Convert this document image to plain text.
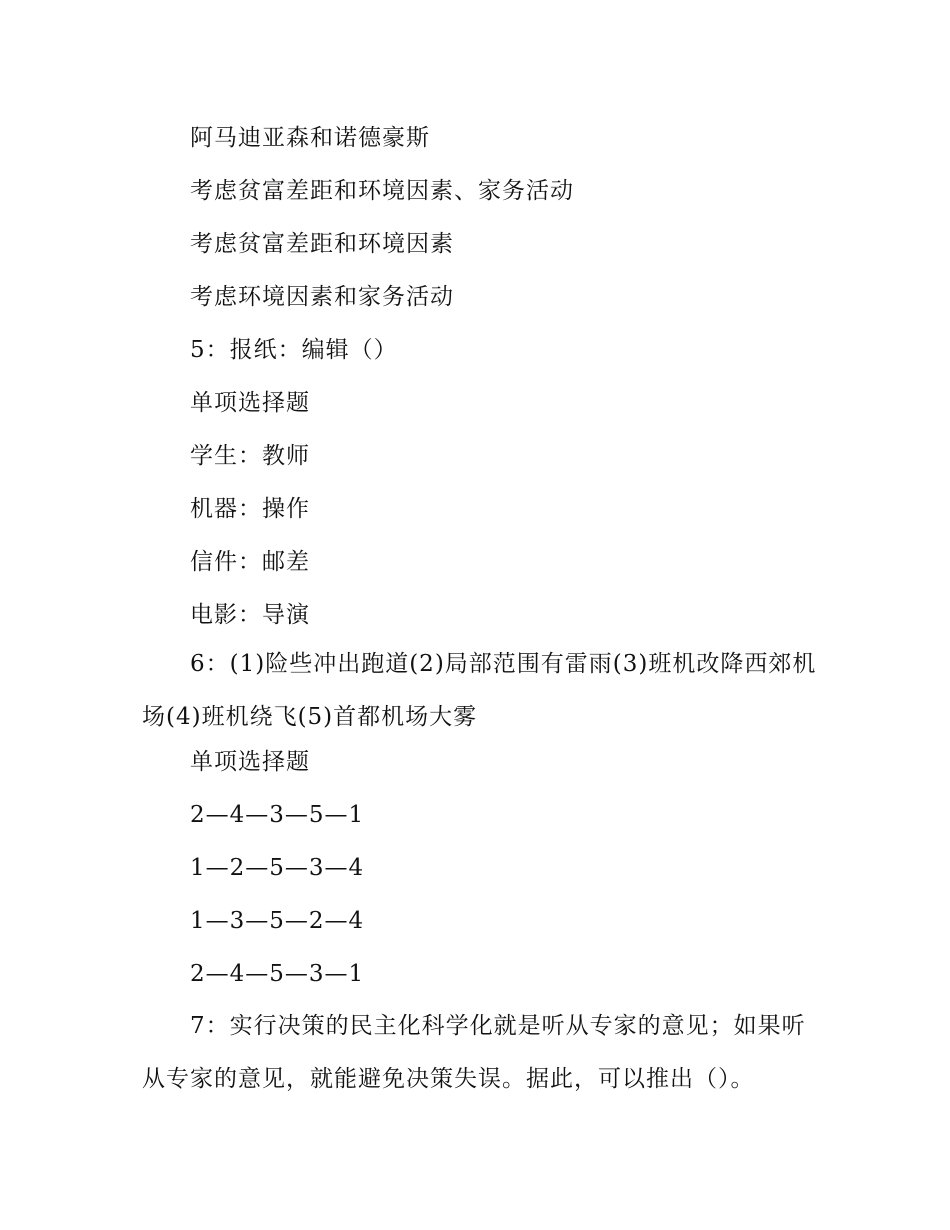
阿马迪亚森和诺德豪斯
考虑贫富差距和环境因素、家务活动
考虑贫富差距和环境因素
考虑环境因素和家务活动
5：报纸：编辑（）
单项选择题
学生：教师
机器：操作
信件：邮差
电影：导演
6：(1)险些冲出跑道(2)局部范围有雷雨(3)班机改降西郊机场(4)班机绕飞(5)首都机场大雾
单项选择题
2—4—3—5—1
1—2—5—3—4
1—3—5—2—4
2—4—5—3—1
7：实行决策的民主化科学化就是听从专家的意见；如果听从专家的意见，就能避免决策失误。据此，可以推出（）。
